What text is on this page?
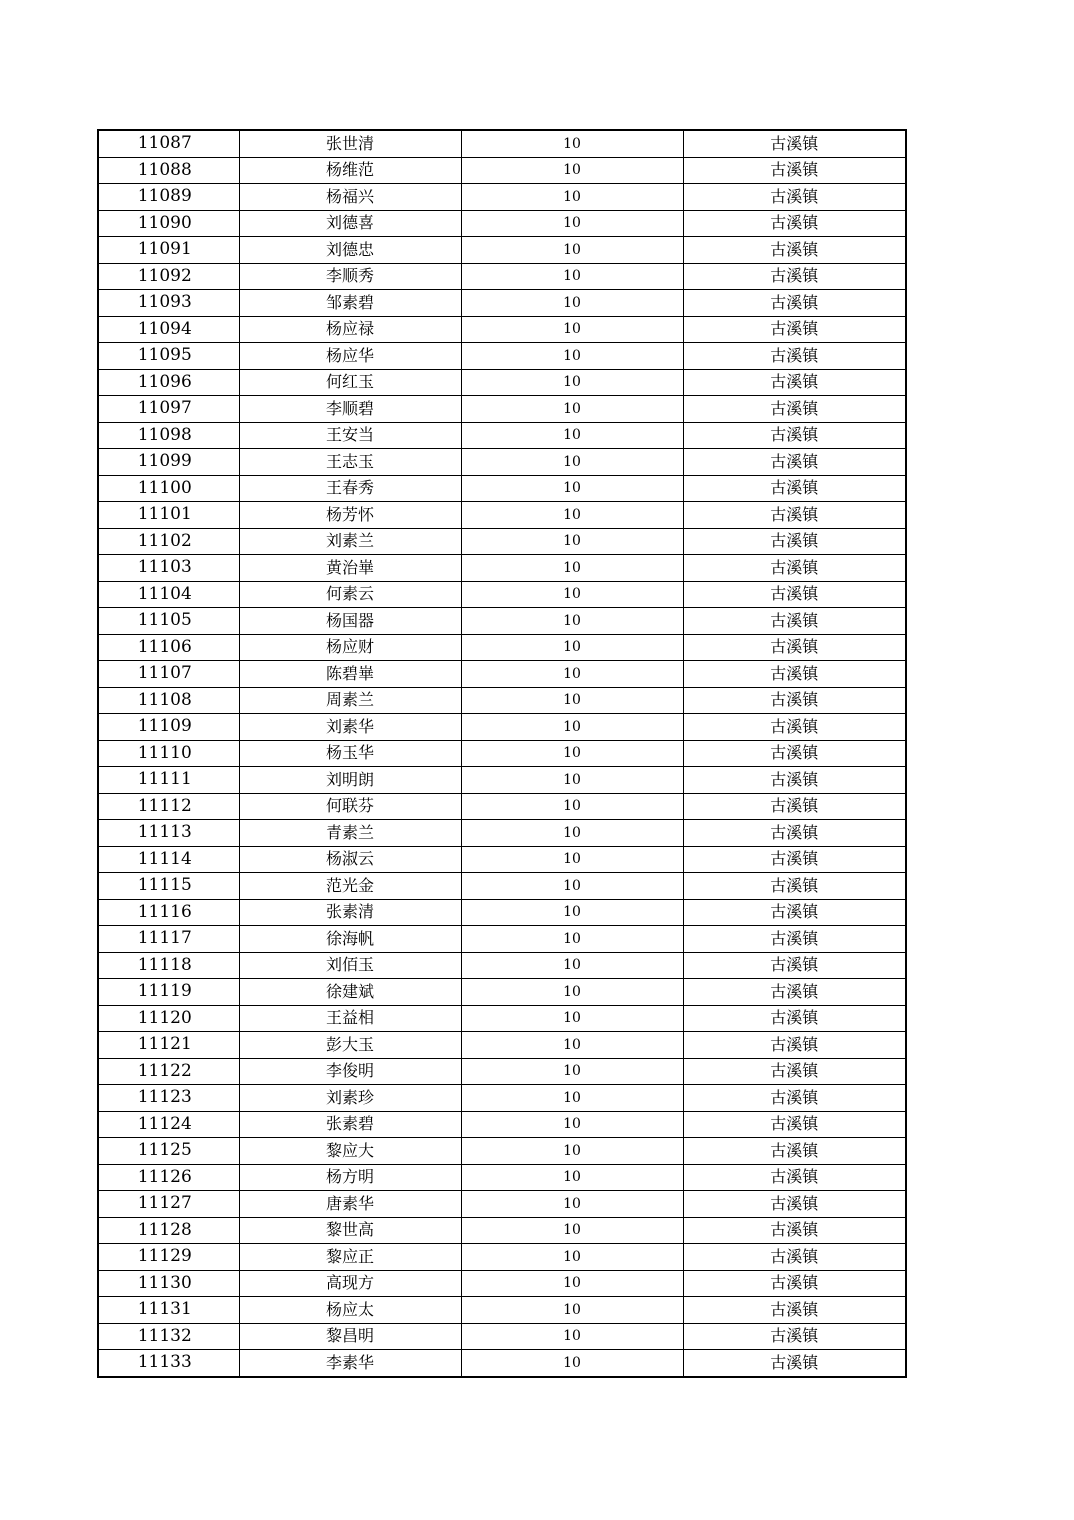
11087	张世清	10	古溪镇
11088	杨维范	10	古溪镇
11089	杨福兴	10	古溪镇
11090	刘德喜	10	古溪镇
11091	刘德忠	10	古溪镇
11092	李顺秀	10	古溪镇
11093	邹素碧	10	古溪镇
11094	杨应禄	10	古溪镇
11095	杨应华	10	古溪镇
11096	何红玉	10	古溪镇
11097	李顺碧	10	古溪镇
11098	王安当	10	古溪镇
11099	王志玉	10	古溪镇
11100	王春秀	10	古溪镇
11101	杨芳怀	10	古溪镇
11102	刘素兰	10	古溪镇
11103	黄治崋	10	古溪镇
11104	何素云	10	古溪镇
11105	杨国器	10	古溪镇
11106	杨应财	10	古溪镇
11107	陈碧崋	10	古溪镇
11108	周素兰	10	古溪镇
11109	刘素华	10	古溪镇
11110	杨玉华	10	古溪镇
11111	刘明朗	10	古溪镇
11112	何联芬	10	古溪镇
11113	青素兰	10	古溪镇
11114	杨淑云	10	古溪镇
11115	范光金	10	古溪镇
11116	张素清	10	古溪镇
11117	徐海帆	10	古溪镇
11118	刘佰玉	10	古溪镇
11119	徐建斌	10	古溪镇
11120	王益相	10	古溪镇
11121	彭大玉	10	古溪镇
11122	李俊明	10	古溪镇
11123	刘素珍	10	古溪镇
11124	张素碧	10	古溪镇
11125	黎应大	10	古溪镇
11126	杨方明	10	古溪镇
11127	唐素华	10	古溪镇
11128	黎世高	10	古溪镇
11129	黎应正	10	古溪镇
11130	高现方	10	古溪镇
11131	杨应太	10	古溪镇
11132	黎昌明	10	古溪镇
11133	李素华	10	古溪镇
